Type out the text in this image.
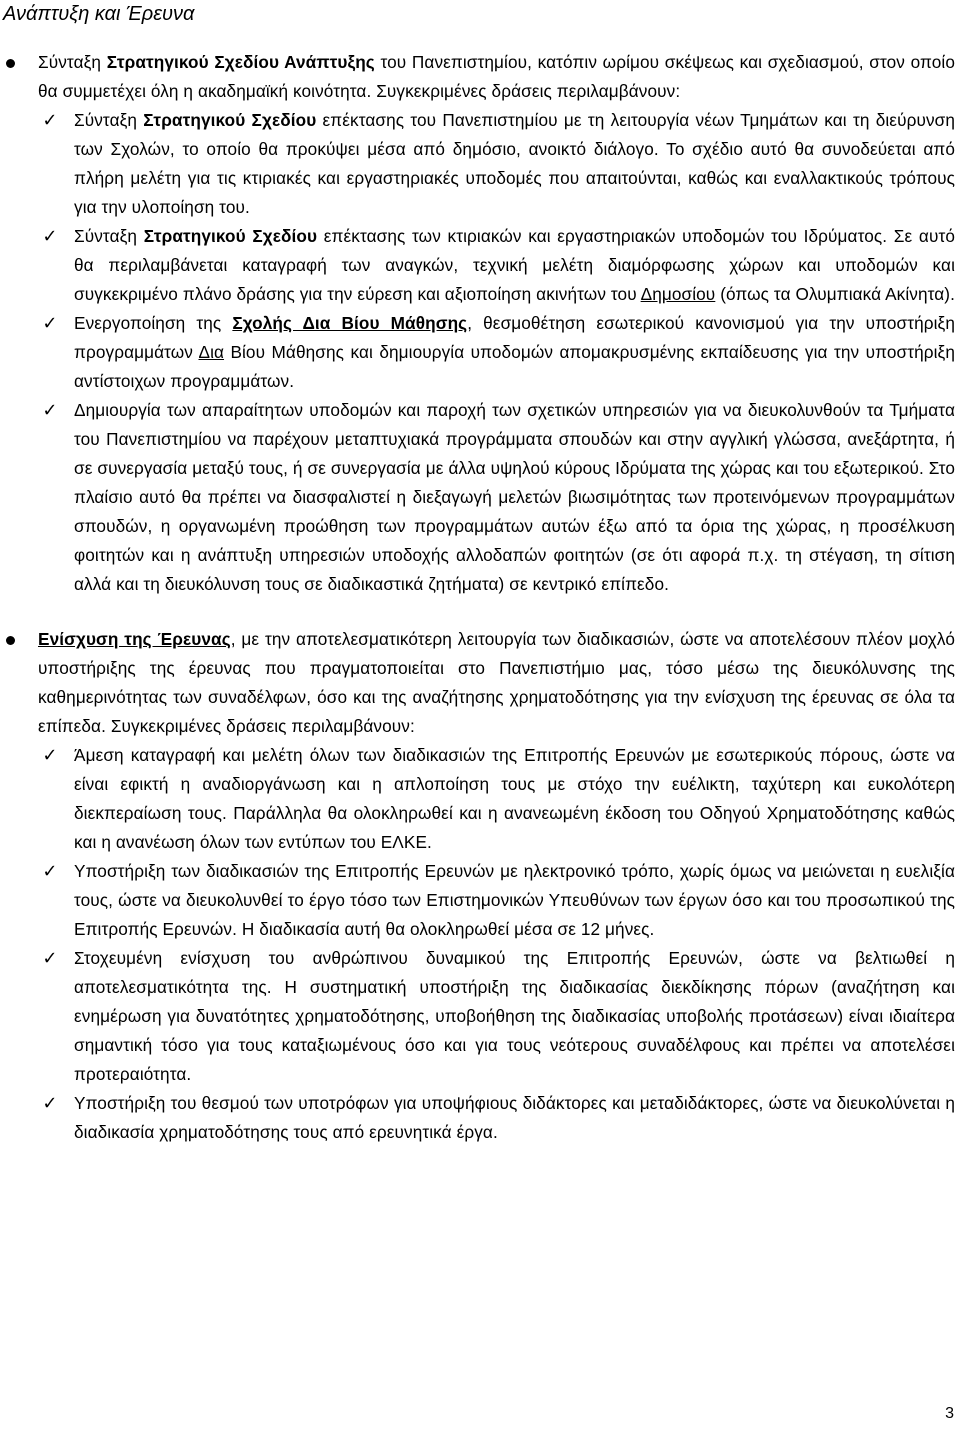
Ανάπτυξη και Έρευνα

Σύνταξη Στρατηγικού Σχεδίου Ανάπτυξης του Πανεπιστημίου, κατόπιν ωρίμου σκέψεως και σχεδιασμού, στον οποίο θα συμμετέχει όλη η ακαδημαϊκή κοινότητα. Συγκεκριμένες δράσεις περιλαμβάνουν:

✓ Σύνταξη Στρατηγικού Σχεδίου επέκτασης του Πανεπιστημίου με τη λειτουργία νέων Τμημάτων και τη διεύρυνση των Σχολών, το οποίο θα προκύψει μέσα από δημόσιο, ανοικτό διάλογο. Το σχέδιο αυτό θα συνοδεύεται από πλήρη μελέτη για τις κτιριακές και εργαστηριακές υποδομές που απαιτούνται, καθώς και εναλλακτικούς τρόπους για την υλοποίηση του.

✓ Σύνταξη Στρατηγικού Σχεδίου επέκτασης των κτιριακών και εργαστηριακών υποδομών του Ιδρύματος. Σε αυτό θα περιλαμβάνεται καταγραφή των αναγκών, τεχνική μελέτη διαμόρφωσης χώρων και υποδομών και συγκεκριμένο πλάνο δράσης για την εύρεση και αξιοποίηση ακινήτων του Δημοσίου (όπως τα Ολυμπιακά Ακίνητα).

✓ Ενεργοποίηση της Σχολής Δια Βίου Μάθησης, θεσμοθέτηση εσωτερικού κανονισμού για την υποστήριξη προγραμμάτων Δια Βίου Μάθησης και δημιουργία υποδομών απομακρυσμένης εκπαίδευσης για την υποστήριξη αντίστοιχων προγραμμάτων.

✓ Δημιουργία των απαραίτητων υποδομών και παροχή των σχετικών υπηρεσιών για να διευκολυνθούν τα Τμήματα του Πανεπιστημίου να παρέχουν μεταπτυχιακά προγράμματα σπουδών και στην αγγλική γλώσσα, ανεξάρτητα, ή σε συνεργασία μεταξύ τους, ή σε συνεργασία με άλλα υψηλού κύρους Ιδρύματα της χώρας και του εξωτερικού. Στο πλαίσιο αυτό θα πρέπει να διασφαλιστεί η διεξαγωγή μελετών βιωσιμότητας των προτεινόμενων προγραμμάτων σπουδών, η οργανωμένη προώθηση των προγραμμάτων αυτών έξω από τα όρια της χώρας, η προσέλκυση φοιτητών και η ανάπτυξη υπηρεσιών υποδοχής αλλοδαπών φοιτητών (σε ότι αφορά π.χ. τη στέγαση, τη σίτιση αλλά και τη διευκόλυνση τους σε διαδικαστικά ζητήματα) σε κεντρικό επίπεδο.

Ενίσχυση της Έρευνας, με την αποτελεσματικότερη λειτουργία των διαδικασιών, ώστε να αποτελέσουν πλέον μοχλό υποστήριξης της έρευνας που πραγματοποιείται στο Πανεπιστήμιο μας, τόσο μέσω της διευκόλυνσης της καθημερινότητας των συναδέλφων, όσο και της αναζήτησης χρηματοδότησης για την ενίσχυση της έρευνας σε όλα τα επίπεδα. Συγκεκριμένες δράσεις περιλαμβάνουν:

✓ Άμεση καταγραφή και μελέτη όλων των διαδικασιών της Επιτροπής Ερευνών με εσωτερικούς πόρους, ώστε να είναι εφικτή η αναδιοργάνωση και η απλοποίηση τους με στόχο την ευέλικτη, ταχύτερη και ευκολότερη διεκπεραίωση τους. Παράλληλα θα ολοκληρωθεί και η ανανεωμένη έκδοση του Οδηγού Χρηματοδότησης καθώς και η ανανέωση όλων των εντύπων του ΕΛΚΕ.

✓ Υποστήριξη των διαδικασιών της Επιτροπής Ερευνών με ηλεκτρονικό τρόπο, χωρίς όμως να μειώνεται η ευελιξία τους, ώστε να διευκολυνθεί το έργο τόσο των Επιστημονικών Υπευθύνων των έργων όσο και του προσωπικού της Επιτροπής Ερευνών. Η διαδικασία αυτή θα ολοκληρωθεί μέσα σε 12 μήνες.

✓ Στοχευμένη ενίσχυση του ανθρώπινου δυναμικού της Επιτροπής Ερευνών, ώστε να βελτιωθεί η αποτελεσματικότητα της. Η συστηματική υποστήριξη της διαδικασίας διεκδίκησης πόρων (αναζήτηση και ενημέρωση για δυνατότητες χρηματοδότησης, υποβοήθηση της διαδικασίας υποβολής προτάσεων) είναι ιδιαίτερα σημαντική τόσο για τους καταξιωμένους όσο και για τους νεότερους συναδέλφους και πρέπει να αποτελέσει προτεραιότητα.

✓ Υποστήριξη του θεσμού των υποτρόφων για υποψήφιους διδάκτορες και μεταδιδάκτορες, ώστε να διευκολύνεται η διαδικασία χρηματοδότησης τους από ερευνητικά έργα.

3
